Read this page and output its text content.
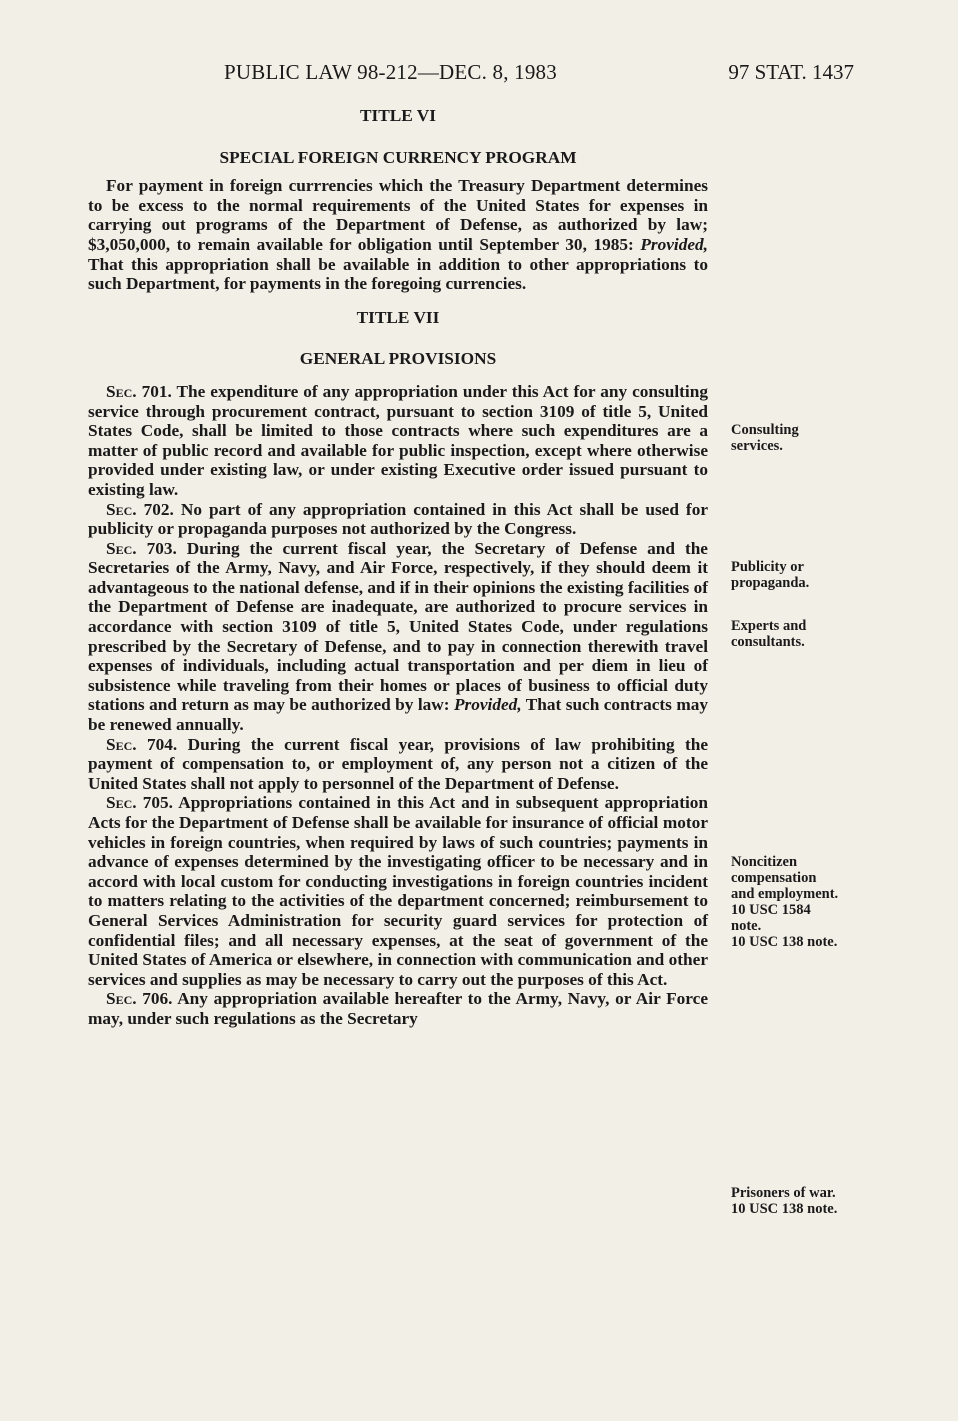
PUBLIC LAW 98-212—DEC. 8, 1983	97 STAT. 1437
TITLE VI
SPECIAL FOREIGN CURRENCY PROGRAM

For payment in foreign currrencies which the Treasury Department determines to be excess to the normal requirements of the United States for expenses in carrying out programs of the Department of Defense, as authorized by law; $3,050,000, to remain available for obligation until September 30, 1985: Provided, That this appropriation shall be available in addition to other appropriations to such Department, for payments in the foregoing currencies.

TITLE VII
GENERAL PROVISIONS

Sec. 701. The expenditure of any appropriation under this Act for any consulting service through procurement contract, pursuant to section 3109 of title 5, United States Code, shall be limited to those contracts where such expenditures are a matter of public record and available for public inspection, except where otherwise provided under existing law, or under existing Executive order issued pursuant to existing law.

Sec. 702. No part of any appropriation contained in this Act shall be used for publicity or propaganda purposes not authorized by the Congress.

Sec. 703. During the current fiscal year, the Secretary of Defense and the Secretaries of the Army, Navy, and Air Force, respectively, if they should deem it advantageous to the national defense, and if in their opinions the existing facilities of the Department of Defense are inadequate, are authorized to procure services in accordance with section 3109 of title 5, United States Code, under regulations prescribed by the Secretary of Defense, and to pay in connection therewith travel expenses of individuals, including actual transportation and per diem in lieu of subsistence while traveling from their homes or places of business to official duty stations and return as may be authorized by law: Provided, That such contracts may be renewed annually.

Sec. 704. During the current fiscal year, provisions of law prohibiting the payment of compensation to, or employment of, any person not a citizen of the United States shall not apply to personnel of the Department of Defense.

Sec. 705. Appropriations contained in this Act and in subsequent appropriation Acts for the Department of Defense shall be available for insurance of official motor vehicles in foreign countries, when required by laws of such countries; payments in advance of expenses determined by the investigating officer to be necessary and in accord with local custom for conducting investigations in foreign countries incident to matters relating to the activities of the department concerned; reimbursement to General Services Administration for security guard services for protection of confidential files; and all necessary expenses, at the seat of government of the United States of America or elsewhere, in connection with communication and other services and supplies as may be necessary to carry out the purposes of this Act.

Sec. 706. Any appropriation available hereafter to the Army, Navy, or Air Force may, under such regulations as the Secretary

Consulting
services.
Publicity or
propaganda.
Experts and
consultants.
Noncitizen
compensation
and employment.
10 USC 1584
note.
10 USC 138 note.
Prisoners of war.
10 USC 138 note.
